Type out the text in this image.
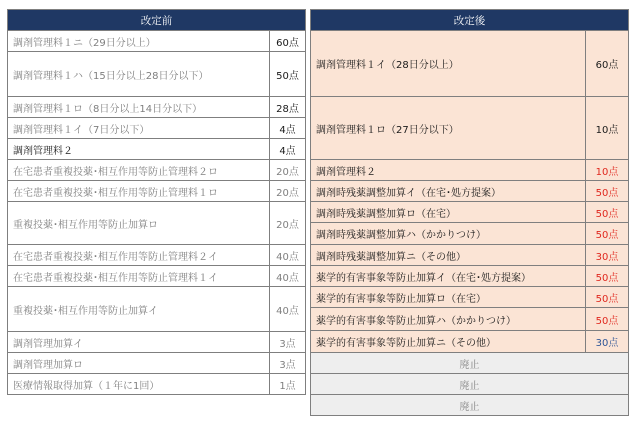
改定前	
調剤管理料１ニ（29日分以上）	60点
調剤管理料１ハ（15日分以上28日分以下）	50点
調剤管理料１ロ（8日分以上14日分以下）	28点
調剤管理料１イ（7日分以下）	4点
調剤管理料２	4点
在宅患者重複投薬･相互作用等防止管理料２ロ	20点
在宅患者重複投薬･相互作用等防止管理料１ロ	20点
重複投薬･相互作用等防止加算ロ	20点
在宅患者重複投薬･相互作用等防止管理料２イ	40点
在宅患者重複投薬･相互作用等防止管理料１イ	40点
重複投薬･相互作用等防止加算イ	40点
調剤管理加算イ	3点
調剤管理加算ロ	3点
医療情報取得加算（１年に1回）	1点
改定後	
調剤管理料１イ（28日分以上）	60点
調剤管理料１ロ（27日分以下）	10点
調剤管理料２	10点
調剤時残薬調整加算イ（在宅･処方提案）	50点
調剤時残薬調整加算ロ（在宅）	50点
調剤時残薬調整加算ハ（かかりつけ）	50点
調剤時残薬調整加算ニ（その他）	30点
薬学的有害事象等防止加算イ（在宅･処方提案）	50点
薬学的有害事象等防止加算ロ（在宅）	50点
薬学的有害事象等防止加算ハ（かかりつけ）	50点
薬学的有害事象等防止加算ニ（その他）	30点
廃止	
廃止	
廃止	
